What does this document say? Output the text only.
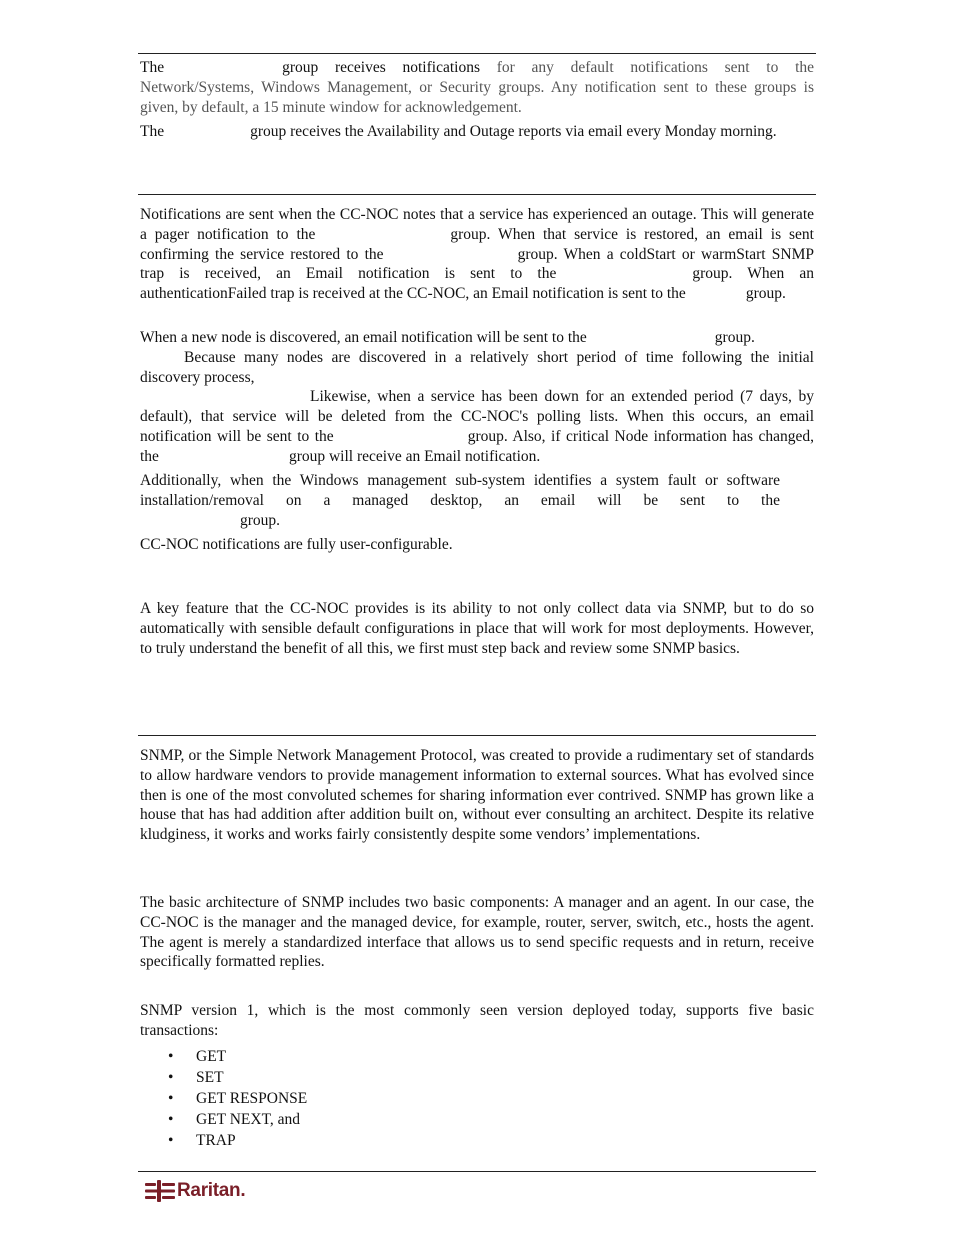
The	group receives notifications for any default notifications sent to the Network/Systems, Windows Management, or Security groups. Any notification sent to these groups is given, by default, a 15 minute window for acknowledgement.

The	group receives the Availability and Outage reports via email every Monday morning.

Notifications are sent when the CC-NOC notes that a service has experienced an outage. This will generate a pager notification to the	group. When that service is restored, an email is sent confirming the service restored to the	group. When a coldStart or warmStart SNMP trap is received, an Email notification is sent to the	group. When an authenticationFailed trap is received at the CC-NOC, an Email notification is sent to the	group.

When a new node is discovered, an email notification will be sent to the	group.
Because many nodes are discovered in a relatively short period of time following the initial discovery process,
Likewise, when a service has been down for an extended period (7 days, by default), that service will be deleted from the CC-NOC's polling lists. When this occurs, an email notification will be sent to the	group. Also, if critical Node information has changed, the	group will receive an Email notification.

Additionally, when the Windows management sub-system identifies a system fault or software installation/removal on a managed desktop, an email will be sent to the
group.

CC-NOC notifications are fully user-configurable.

A key feature that the CC-NOC provides is its ability to not only collect data via SNMP, but to do so automatically with sensible default configurations in place that will work for most deployments. However, to truly understand the benefit of all this, we first must step back and review some SNMP basics.

SNMP, or the Simple Network Management Protocol, was created to provide a rudimentary set of standards to allow hardware vendors to provide management information to external sources. What has evolved since then is one of the most convoluted schemes for sharing information ever contrived. SNMP has grown like a house that has had addition after addition built on, without ever consulting an architect. Despite its relative kludginess, it works and works fairly consistently despite some vendors’ implementations.

The basic architecture of SNMP includes two basic components: A manager and an agent. In our case, the CC-NOC is the manager and the managed device, for example, router, server, switch, etc., hosts the agent. The agent is merely a standardized interface that allows us to send specific requests and in return, receive specifically formatted replies.

SNMP version 1, which is the most commonly seen version deployed today, supports five basic transactions:

• GET
• SET
• GET RESPONSE
• GET NEXT, and
• TRAP
Raritan .
